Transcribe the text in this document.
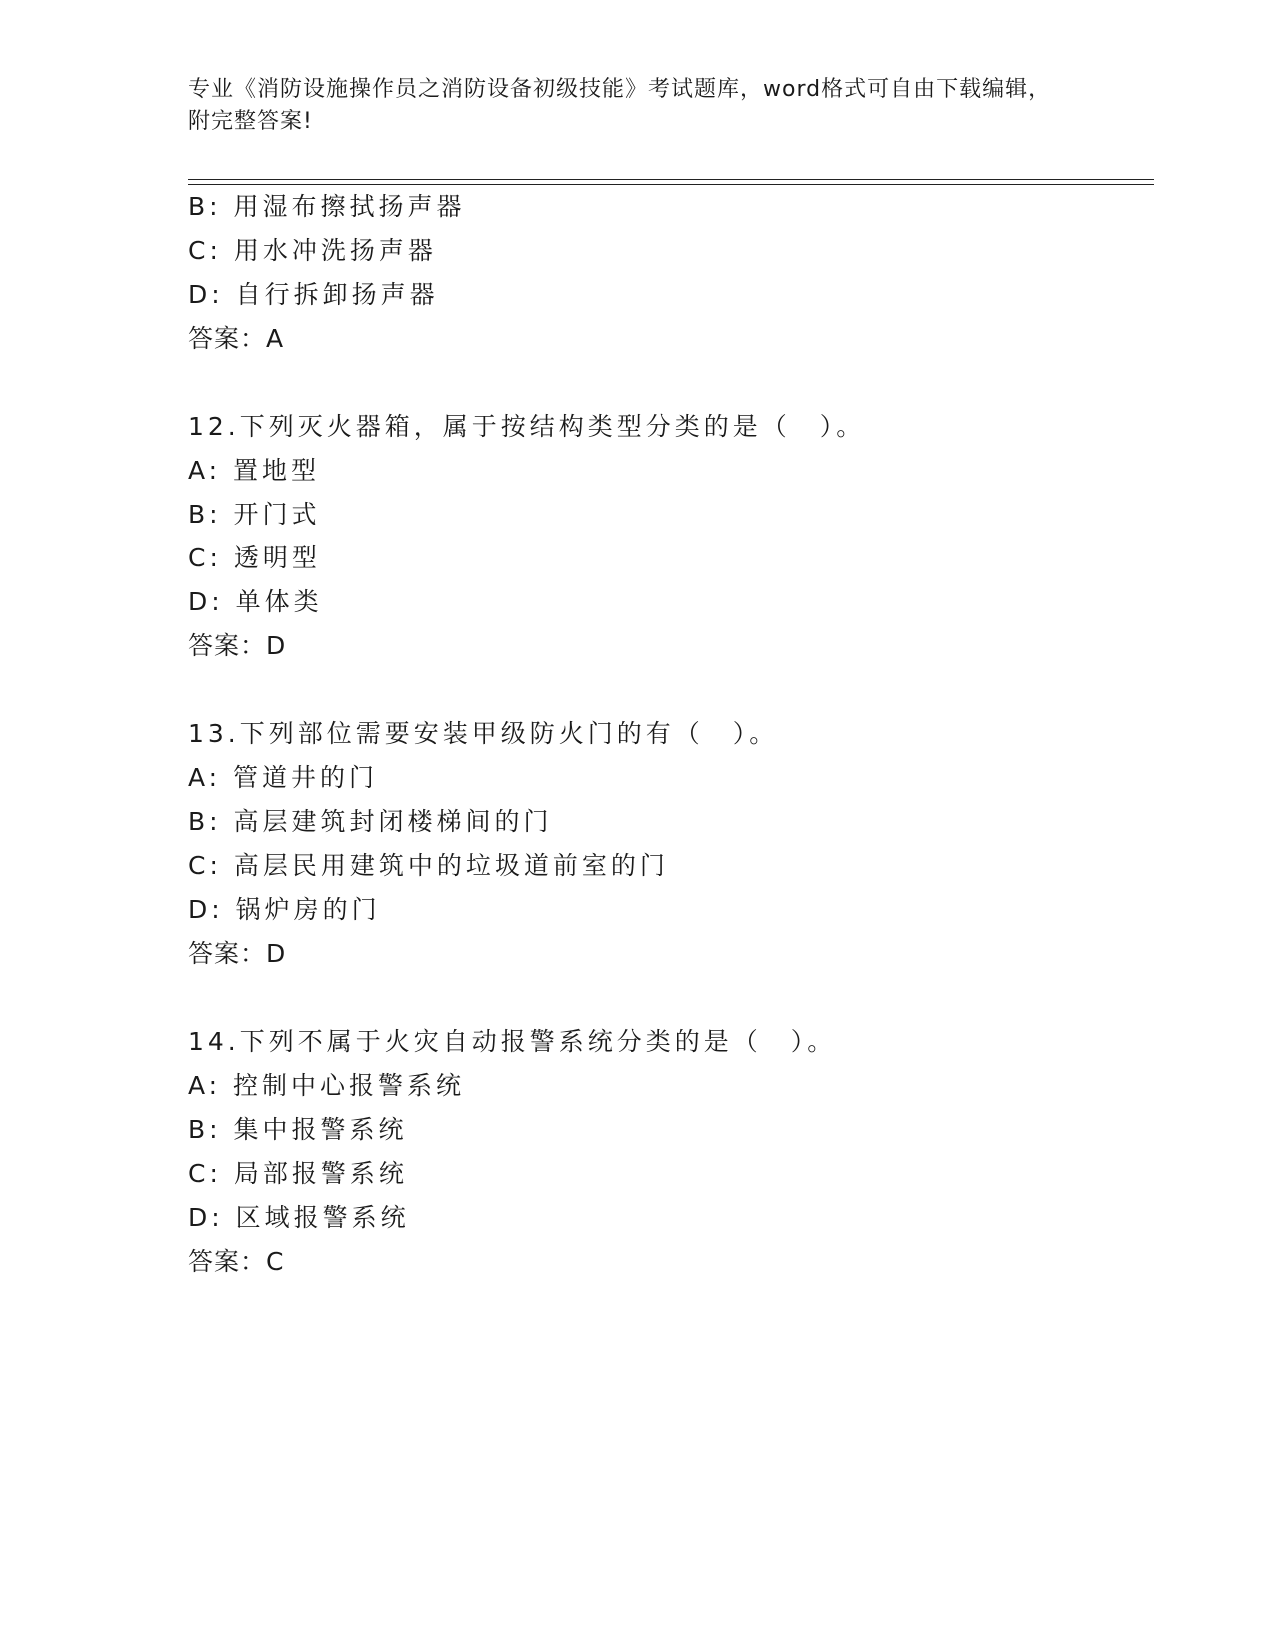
专业《消防设施操作员之消防设备初级技能》考试题库，word格式可自由下载编辑，附完整答案!
B: 用湿布擦拭扬声器
C: 用水冲洗扬声器
D: 自行拆卸扬声器
答案：A
12.下列灭火器箱，属于按结构类型分类的是（　）。
A: 置地型
B: 开门式
C: 透明型
D: 单体类
答案：D
13.下列部位需要安装甲级防火门的有（　）。
A: 管道井的门
B: 高层建筑封闭楼梯间的门
C: 高层民用建筑中的垃圾道前室的门
D: 锅炉房的门
答案：D
14.下列不属于火灾自动报警系统分类的是（　）。
A: 控制中心报警系统
B: 集中报警系统
C: 局部报警系统
D: 区域报警系统
答案：C
